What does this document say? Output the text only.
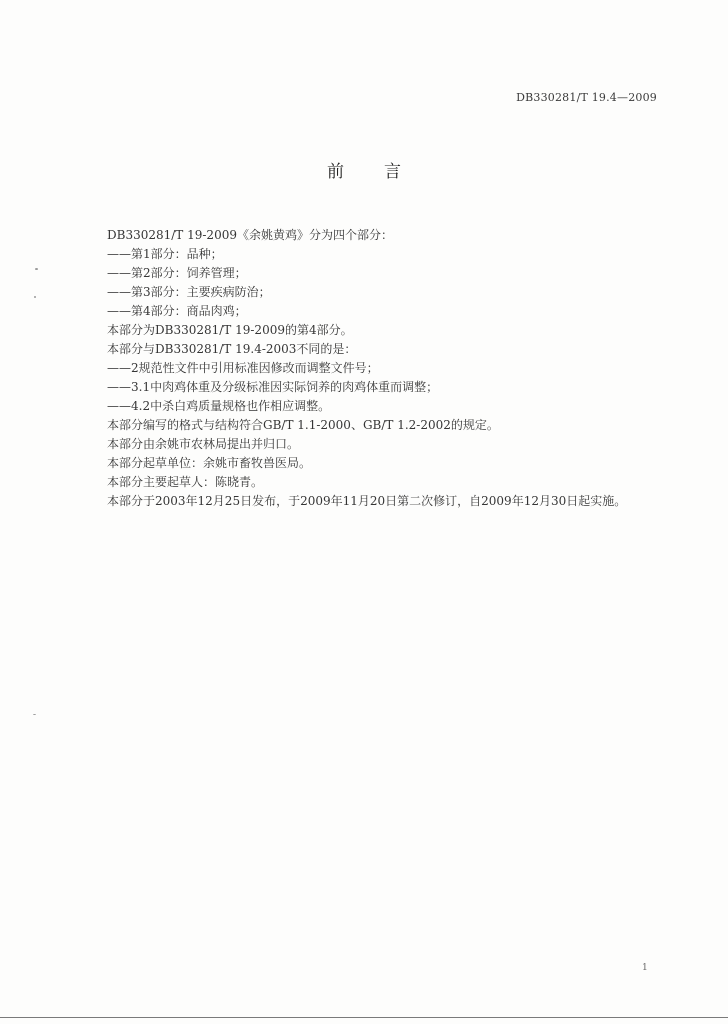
DB330281/T 19.4—2009
前 言
DB330281/T 19-2009《余姚黄鸡》分为四个部分：
——第1部分：品种；
——第2部分：饲养管理；
——第3部分：主要疾病防治；
——第4部分：商品肉鸡；
本部分为DB330281/T 19-2009的第4部分。
本部分与DB330281/T 19.4-2003不同的是：
——2规范性文件中引用标准因修改而调整文件号；
——3.1中肉鸡体重及分级标准因实际饲养的肉鸡体重而调整；
——4.2中杀白鸡质量规格也作相应调整。
本部分编写的格式与结构符合GB/T 1.1-2000、GB/T 1.2-2002的规定。
本部分由余姚市农林局提出并归口。
本部分起草单位：余姚市畜牧兽医局。
本部分主要起草人：陈晓青。
本部分于2003年12月25日发布，于2009年11月20日第二次修订，自2009年12月30日起实施。
1
